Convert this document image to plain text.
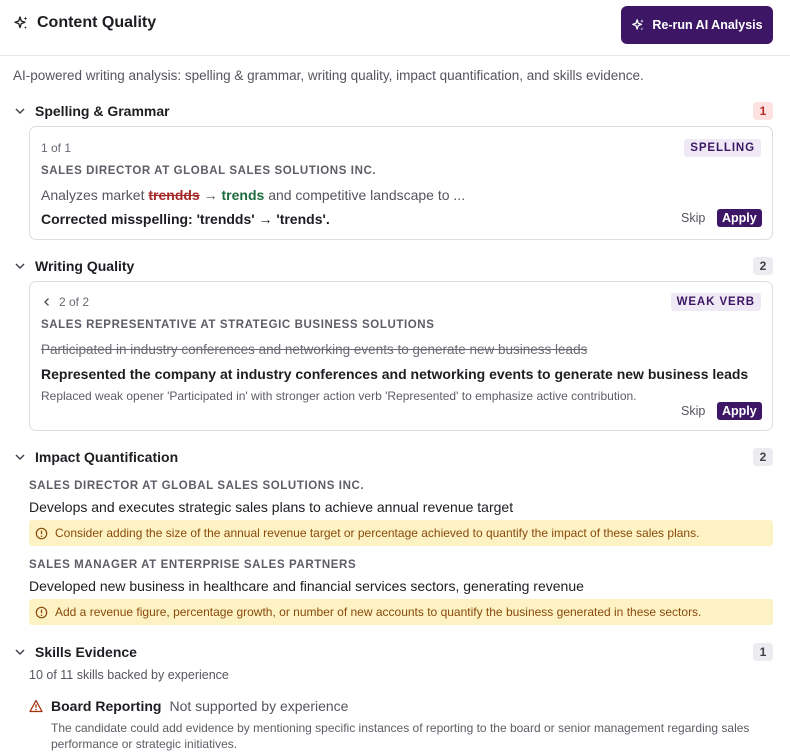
Content Quality	Re-run AI Analysis
AI-powered writing analysis: spelling & grammar, writing quality, impact quantification, and skills evidence.
Spelling & Grammar	1
1 of 1	SPELLING
SALES DIRECTOR AT GLOBAL SALES SOLUTIONS INC.
Analyzes market trendds → trends and competitive landscape to ...
Corrected misspelling: 'trendds' → 'trends'.	Skip	Apply
Writing Quality	2
2 of 2	WEAK VERB
SALES REPRESENTATIVE AT STRATEGIC BUSINESS SOLUTIONS
Participated in industry conferences and networking events to generate new business leads
Represented the company at industry conferences and networking events to generate new business leads
Replaced weak opener 'Participated in' with stronger action verb 'Represented' to emphasize active contribution.
Skip	Apply
Impact Quantification	2
SALES DIRECTOR AT GLOBAL SALES SOLUTIONS INC.
Develops and executes strategic sales plans to achieve annual revenue target
Consider adding the size of the annual revenue target or percentage achieved to quantify the impact of these sales plans.
SALES MANAGER AT ENTERPRISE SALES PARTNERS
Developed new business in healthcare and financial services sectors, generating revenue
Add a revenue figure, percentage growth, or number of new accounts to quantify the business generated in these sectors.
Skills Evidence	1
10 of 11 skills backed by experience
Board Reporting Not supported by experience
The candidate could add evidence by mentioning specific instances of reporting to the board or senior management regarding sales performance or strategic initiatives.
